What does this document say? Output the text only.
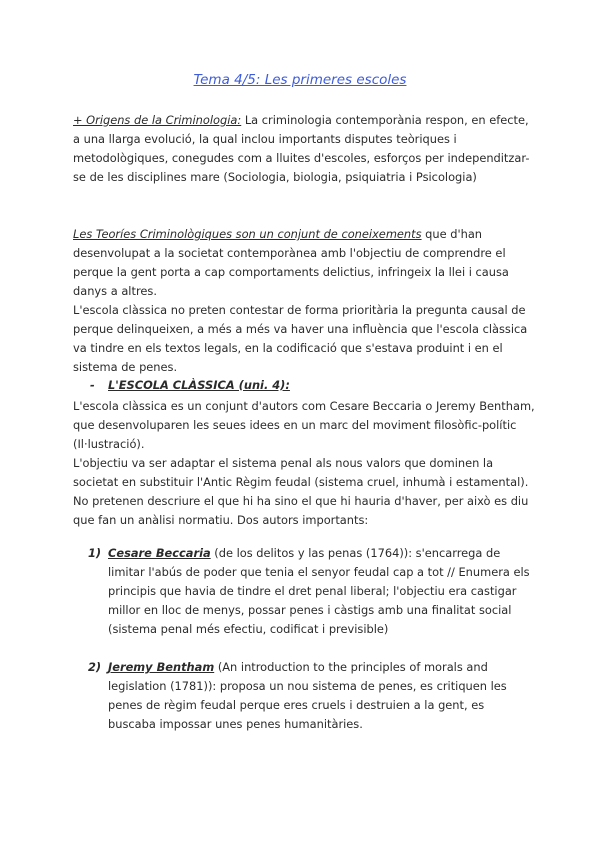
Tema 4/5: Les primeres escoles

+ Origens de la Criminologia: La criminologia contemporània respon, en efecte, a una llarga evolució, la qual inclou importants disputes teòriques i metodològiques, conegudes com a lluites d'escoles, esforços per independitzar-se de les disciplines mare (Sociologia, biologia, psiquiatria i Psicologia)

Les Teoríes Criminològiques son un conjunt de coneixements que d'han desenvolupat a la societat contemporànea amb l'objectiu de comprendre el perque la gent porta a cap comportaments delictius, infringeix la llei i causa danys a altres.

L'escola clàssica no preten contestar de forma prioritària la pregunta causal de perque delinqueixen, a més a més va haver una influència que l'escola clàssica va tindre en els textos legals, en la codificació que s'estava produint i en el sistema de penes.

- L'ESCOLA CLÀSSICA (uni. 4):

L'escola clàssica es un conjunt d'autors com Cesare Beccaria o Jeremy Bentham, que desenvoluparen les seues idees en un marc del moviment filosòfic-polític (Il·lustració).

L'objectiu va ser adaptar el sistema penal als nous valors que dominen la societat en substituir l'Antic Règim feudal (sistema cruel, inhumà i estamental). No pretenen descriure el que hi ha sino el que hi hauria d'haver, per això es diu que fan un anàlisi normatiu. Dos autors importants:

1) Cesare Beccaria (de los delitos y las penas (1764)): s'encarrega de limitar l'abús de poder que tenia el senyor feudal cap a tot // Enumera els principis que havia de tindre el dret penal liberal; l'objectiu era castigar millor en lloc de menys, possar penes i càstigs amb una finalitat social (sistema penal més efectiu, codificat i previsible)
2) Jeremy Bentham (An introduction to the principles of morals and legislation (1781)): proposa un nou sistema de penes, es critiquen les penes de règim feudal perque eres cruels i destruien a la gent, es buscaba impossar unes penes humanitàries.
